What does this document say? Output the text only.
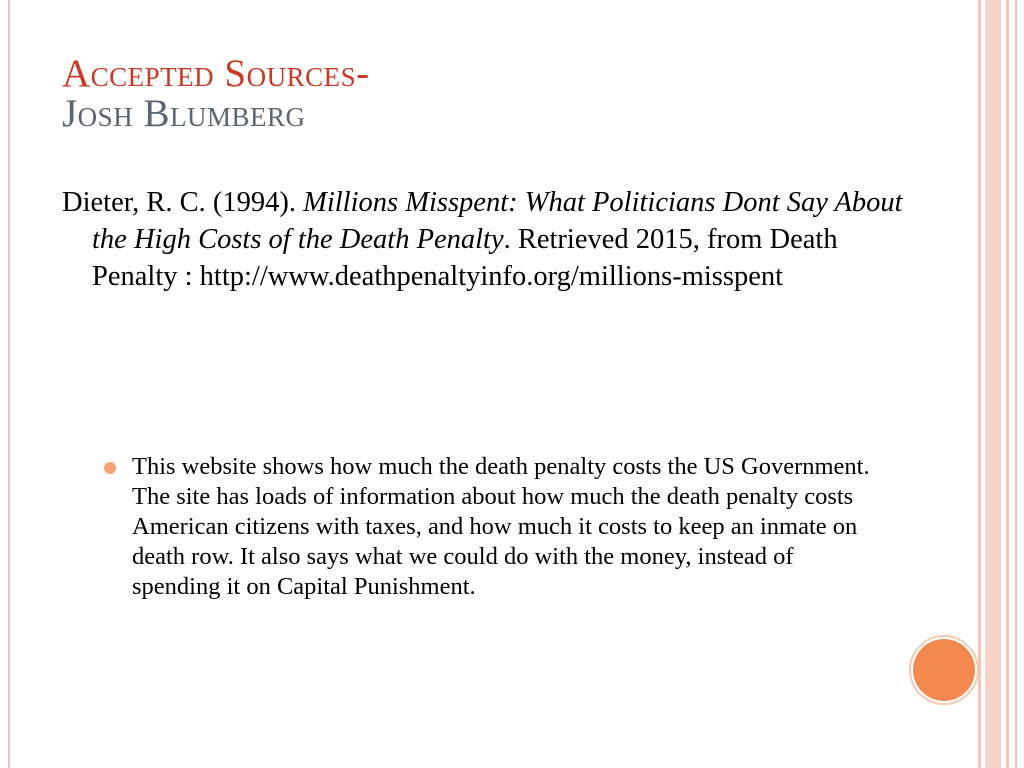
Accepted Sources-
Josh Blumberg
Dieter, R. C. (1994). Millions Misspent: What Politicians Dont Say About the High Costs of the Death Penalty. Retrieved 2015, from Death Penalty : http://www.deathpenaltyinfo.org/millions-misspent
This website shows how much the death penalty costs the US Government. The site has loads of information about how much the death penalty costs American citizens with taxes, and how much it costs to keep an inmate on death row. It also says what we could do with the money, instead of spending it on Capital Punishment.
